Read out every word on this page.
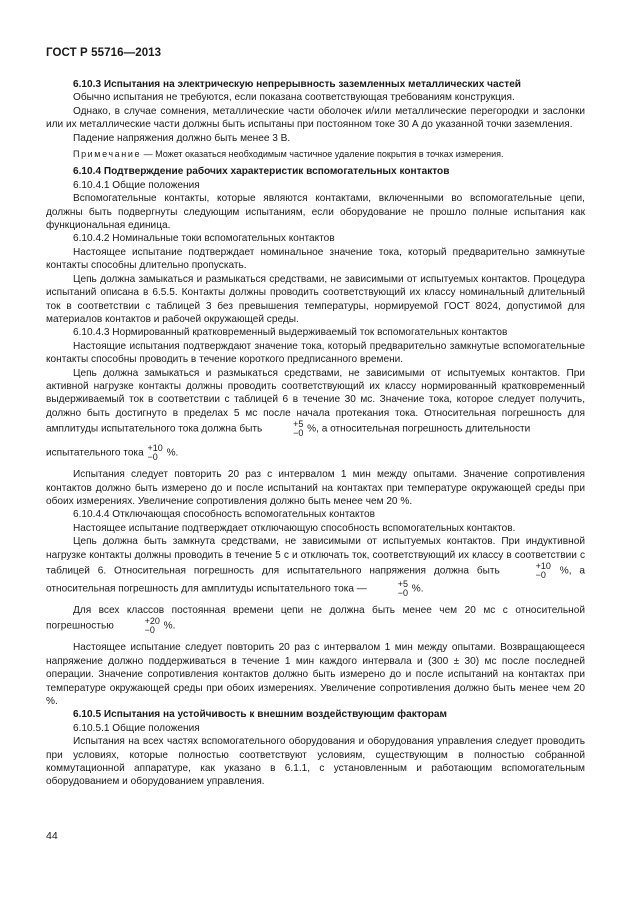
ГОСТ Р 55716—2013

6.10.3 Испытания на электрическую непрерывность заземленных металлических частей

Обычно испытания не требуются, если показана соответствующая требованиям конструкция.

Однако, в случае сомнения, металлические части оболочек и/или металлические перегородки и заслонки или их металлические части должны быть испытаны при постоянном токе 30 А до указанной точки заземления.

Падение напряжения должно быть менее 3 В.

Примечание — Может оказаться необходимым частичное удаление покрытия в точках измерения.

6.10.4 Подтверждение рабочих характеристик вспомогательных контактов

6.10.4.1 Общие положения

Вспомогательные контакты, которые являются контактами, включенными во вспомогательные цепи, должны быть подвергнуты следующим испытаниям, если оборудование не прошло полные испытания как функциональная единица.

6.10.4.2 Номинальные токи вспомогательных контактов

Настоящее испытание подтверждает номинальное значение тока, который предварительно замкнутые контакты способны длительно пропускать.

Цепь должна замыкаться и размыкаться средствами, не зависимыми от испытуемых контактов. Процедура испытаний описана в 6.5.5. Контакты должны проводить соответствующий их классу номинальный длительный ток в соответствии с таблицей 3 без превышения температуры, нормируемой ГОСТ 8024, допустимой для материалов контактов и рабочей окружающей среды.

6.10.4.3 Нормированный кратковременный выдерживаемый ток вспомогательных контактов

Настоящие испытания подтверждают значение тока, который предварительно замкнутые вспомогательные контакты способны проводить в течение короткого предписанного времени.

Цепь должна замыкаться и размыкаться средствами, не зависимыми от испытуемых контактов. При активной нагрузке контакты должны проводить соответствующий их классу нормированный кратковременный выдерживаемый ток в соответствии с таблицей 6 в течение 30 мс. Значение тока, которое следует получить, должно быть достигнуто в пределах 5 мс после начала протекания тока. Относительная погрешность для амплитуды испытательного тока должна быть	+5
−0 %, а относительная погрешность длительности

испытательного тока +10
−0 %.

Испытания следует повторить 20 раз с интервалом 1 мин между опытами. Значение сопротивления контактов должно быть измерено до и после испытаний на контактах при температуре окружающей среды при обоих измерениях. Увеличение сопротивления должно быть менее чем 20 %.

6.10.4.4 Отключающая способность вспомогательных контактов

Настоящее испытание подтверждает отключающую способность вспомогательных контактов.

Цепь должна быть замкнута средствами, не зависимыми от испытуемых контактов. При индуктивной нагрузке контакты должны проводить в течение 5 с и отключать ток, соответствующий их классу в соответствии с таблицей 6. Относительная погрешность для испытательного напряжения должна быть	+10
−0 %, а относительная погрешность для амплитуды испытательного тока —	+5
−0 %.

Для всех классов постоянная времени цепи не должна быть менее чем 20 мс с относительной погрешностью	+20
−0 %.

Настоящее испытание следует повторить 20 раз с интервалом 1 мин между опытами. Возвращающееся напряжение должно поддерживаться в течение 1 мин каждого интервала и (300 ± 30) мс после последней операции. Значение сопротивления контактов должно быть измерено до и после испытаний на контактах при температуре окружающей среды при обоих измерениях. Увеличение сопротивления должно быть менее чем 20 %.

6.10.5 Испытания на устойчивость к внешним воздействующим факторам

6.10.5.1 Общие положения

Испытания на всех частях вспомогательного оборудования и оборудования управления следует проводить при условиях, которые полностью соответствуют условиям, существующим в полностью собранной коммутационной аппаратуре, как указано в 6.1.1, с установленным и работающим вспомогательным оборудованием и оборудованием управления.

44
